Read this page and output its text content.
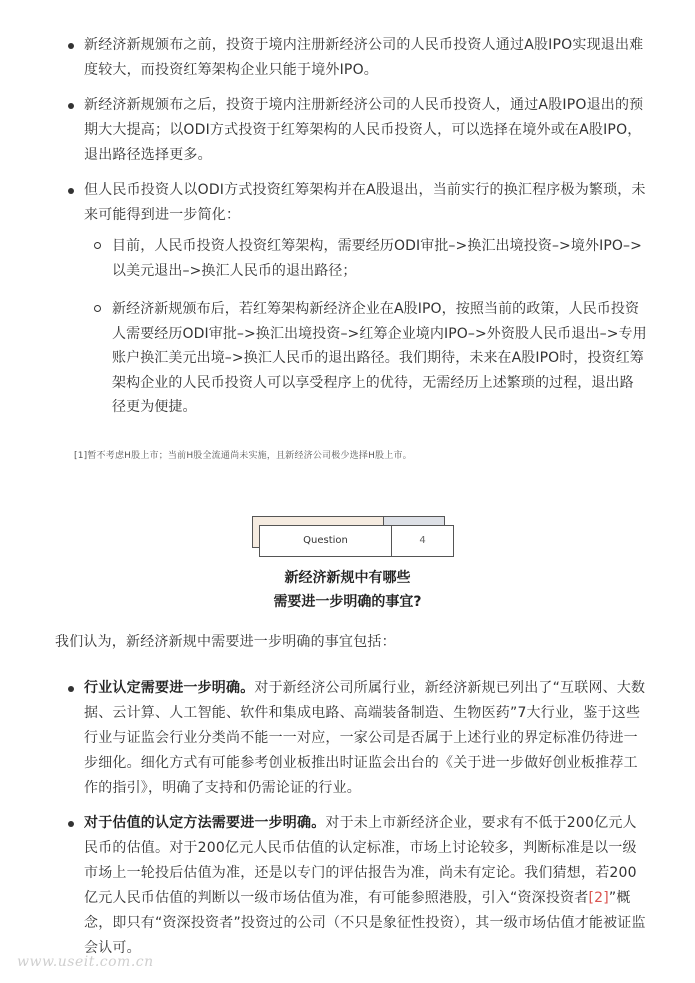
新经济新规颁布之前，投资于境内注册新经济公司的人民币投资人通过A股IPO实现退出难度较大，而投资红筹架构企业只能于境外IPO。
新经济新规颁布之后，投资于境内注册新经济公司的人民币投资人，通过A股IPO退出的预期大大提高；以ODI方式投资于红筹架构的人民币投资人，可以选择在境外或在A股IPO，退出路径选择更多。
但人民币投资人以ODI方式投资红筹架构并在A股退出，当前实行的换汇程序极为繁琐，未来可能得到进一步简化：
目前，人民币投资人投资红筹架构，需要经历ODI审批–>换汇出境投资–>境外IPO–>以美元退出–>换汇人民币的退出路径；
新经济新规颁布后，若红筹架构新经济企业在A股IPO，按照当前的政策，人民币投资人需要经历ODI审批–>换汇出境投资–>红筹企业境内IPO–>外资股人民币退出–>专用账户换汇美元出境–>换汇人民币的退出路径。我们期待，未来在A股IPO时，投资红筹架构企业的人民币投资人可以享受程序上的优待，无需经历上述繁琐的过程，退出路径更为便捷。
[1]暂不考虑H股上市；当前H股全流通尚未实施，且新经济公司极少选择H股上市。
Question	4
新经济新规中有哪些
需要进一步明确的事宜?
我们认为，新经济新规中需要进一步明确的事宜包括：
行业认定需要进一步明确。对于新经济公司所属行业，新经济新规已列出了“互联网、大数据、云计算、人工智能、软件和集成电路、高端装备制造、生物医药”7大行业，鉴于这些行业与证监会行业分类尚不能一一对应，一家公司是否属于上述行业的界定标准仍待进一步细化。细化方式有可能参考创业板推出时证监会出台的《关于进一步做好创业板推荐工作的指引》，明确了支持和仍需论证的行业。
对于估值的认定方法需要进一步明确。对于未上市新经济企业，要求有不低于200亿元人民币的估值。对于200亿元人民币估值的认定标准，市场上讨论较多，判断标准是以一级市场上一轮投后估值为准，还是以专门的评估报告为准，尚未有定论。我们猜想，若200亿元人民币估值的判断以一级市场估值为准，有可能参照港股，引入“资深投资者[2]”概念，即只有“资深投资者”投资过的公司（不只是象征性投资），其一级市场估值才能被证监会认可。
www.useit.com.cn
